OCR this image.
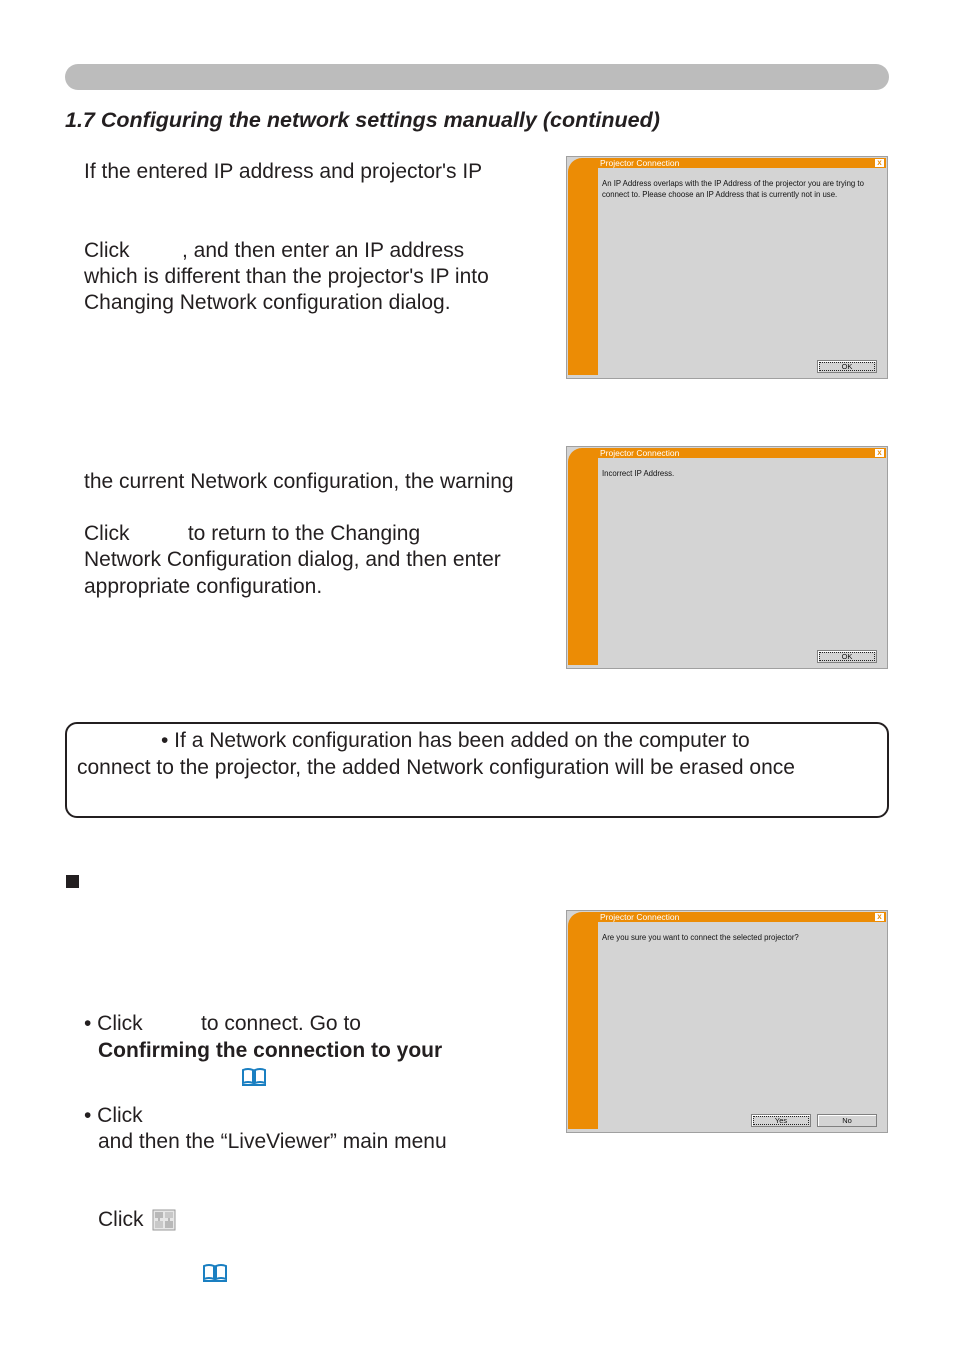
1.7 Configuring the network settings manually (continued)
If the entered IP address and projector's IP
Click         , and then enter an IP address
which is different than the projector's IP into
Changing Network configuration dialog.
Projector Connection	x
An IP Address overlaps with the IP Address of the projector you are trying to connect to. Please choose an IP Address that is currently not in use.
OK
the current Network configuration, the warning
Click          to return to the Changing
Network Configuration dialog, and then enter
appropriate configuration.
Projector Connection	x
Incorrect IP Address.
OK
• If a Network configuration has been added on the computer to
connect to the projector, the added Network configuration will be erased once
• Click          to connect. Go to
Confirming the connection to your
• Click
and then the “LiveViewer” main menu
Click
Projector Connection	x
Are you sure you want to connect the selected projector?
Yes	No
